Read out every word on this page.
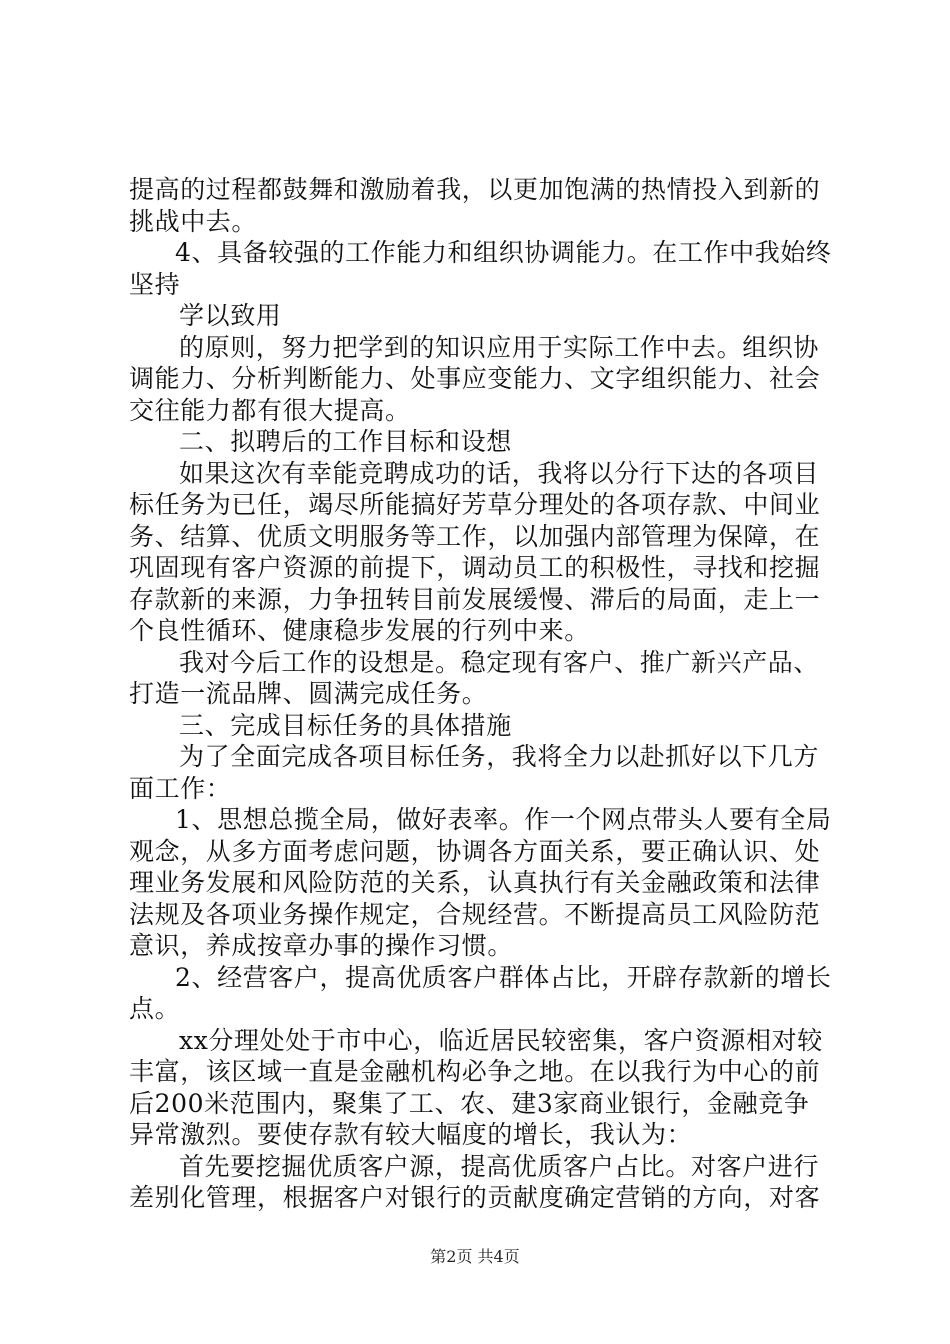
提高的过程都鼓舞和激励着我，以更加饱满的热情投入到新的
挑战中去。
4、具备较强的工作能力和组织协调能力。在工作中我始终
坚持
学以致用
的原则，努力把学到的知识应用于实际工作中去。组织协
调能力、分析判断能力、处事应变能力、文字组织能力、社会
交往能力都有很大提高。
二、拟聘后的工作目标和设想
如果这次有幸能竞聘成功的话，我将以分行下达的各项目
标任务为已任，竭尽所能搞好芳草分理处的各项存款、中间业
务、结算、优质文明服务等工作，以加强内部管理为保障，在
巩固现有客户资源的前提下，调动员工的积极性，寻找和挖掘
存款新的来源，力争扭转目前发展缓慢、滞后的局面，走上一
个良性循环、健康稳步发展的行列中来。
我对今后工作的设想是。稳定现有客户、推广新兴产品、
打造一流品牌、圆满完成任务。
三、完成目标任务的具体措施
为了全面完成各项目标任务，我将全力以赴抓好以下几方
面工作：
1、思想总揽全局，做好表率。作一个网点带头人要有全局
观念，从多方面考虑问题，协调各方面关系，要正确认识、处
理业务发展和风险防范的关系，认真执行有关金融政策和法律
法规及各项业务操作规定，合规经营。不断提高员工风险防范
意识，养成按章办事的操作习惯。
2、经营客户，提高优质客户群体占比，开辟存款新的增长
点。
xx分理处处于市中心，临近居民较密集，客户资源相对较
丰富，该区域一直是金融机构必争之地。在以我行为中心的前
后200米范围内，聚集了工、农、建3家商业银行，金融竞争
异常激烈。要使存款有较大幅度的增长，我认为：
首先要挖掘优质客户源，提高优质客户占比。对客户进行
差别化管理，根据客户对银行的贡献度确定营销的方向，对客
第2页 共4页
